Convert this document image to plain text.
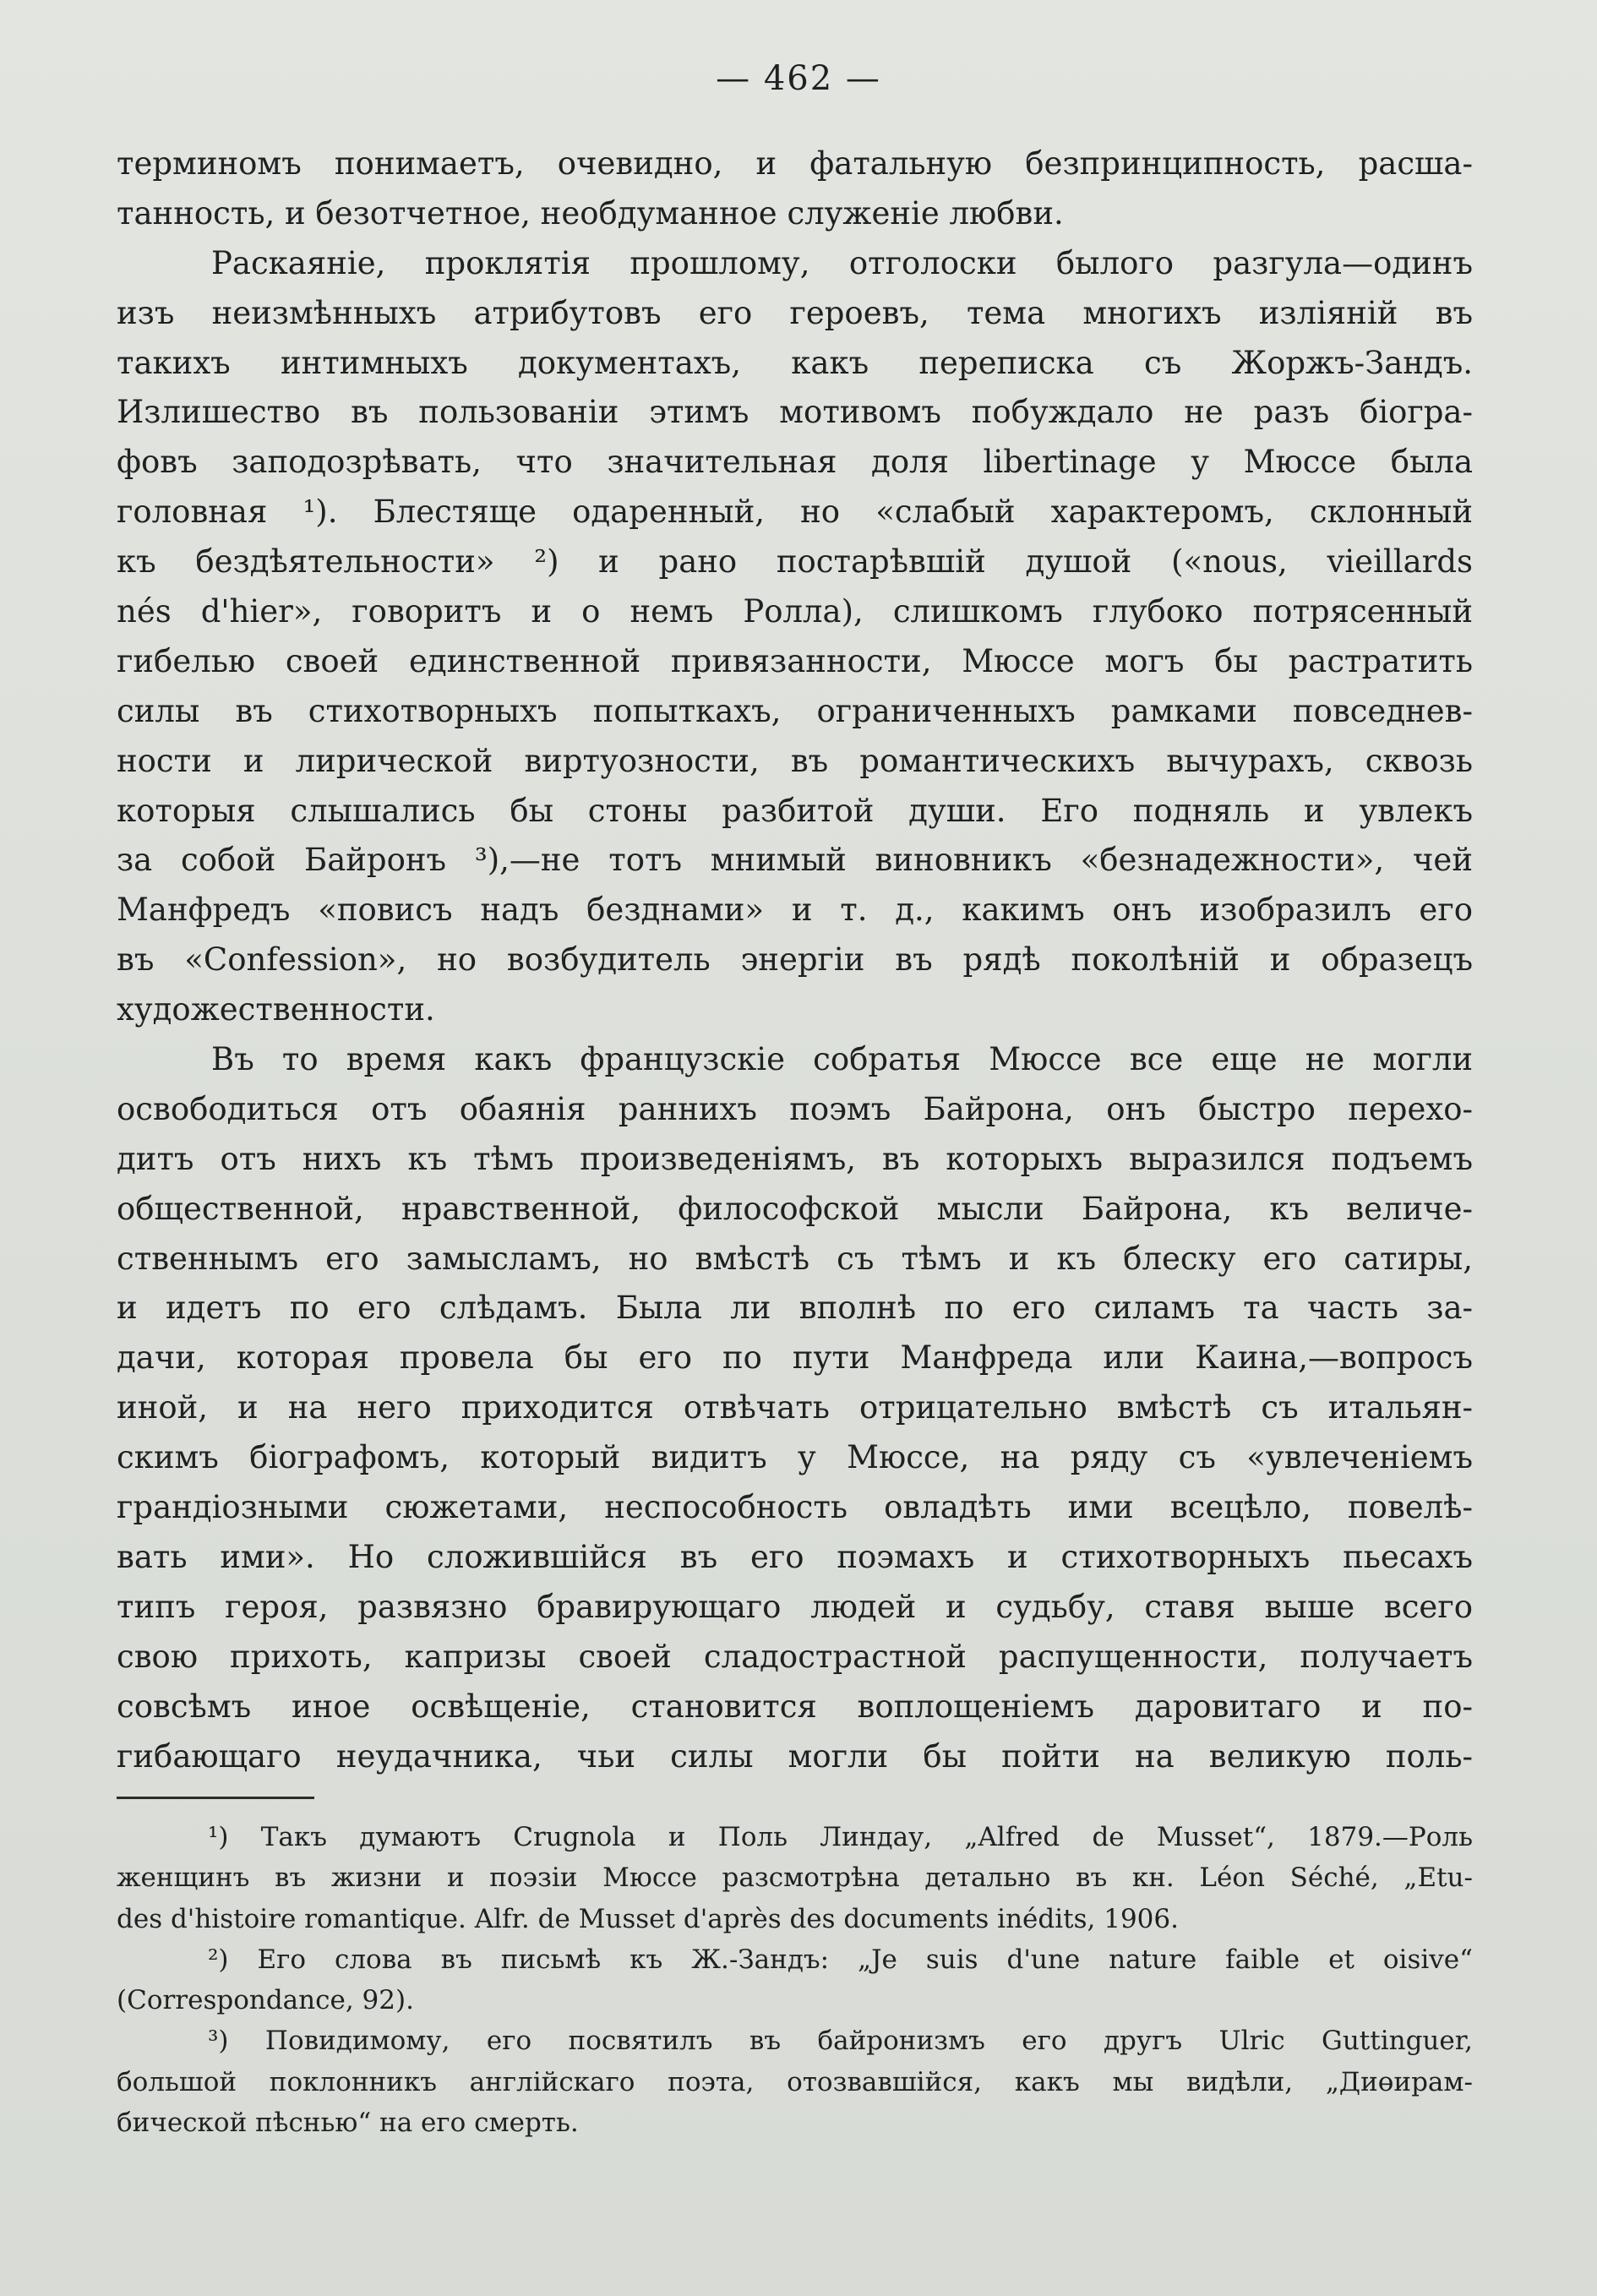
— 462 —
терминомъ понимаетъ, очевидно, и фатальную безпринципность, расша-
танность, и безотчетное, необдуманное служеніе любви.
Раскаяніе, проклятія прошлому, отголоски былого разгула—одинъ
изъ неизмѣнныхъ атрибутовъ его героевъ, тема многихъ изліяній въ
такихъ интимныхъ документахъ, какъ переписка съ Жоржъ-Зандъ.
Излишество въ пользованіи этимъ мотивомъ побуждало не разъ біогра-
фовъ заподозрѣвать, что значительная доля libertinage у Мюссе была
головная ¹). Блестяще одаренный, но «слабый характеромъ, склонный
къ бездѣятельности» ²) и рано постарѣвшій душой («nous, vieillards
nés d'hier», говоритъ и о немъ Ролла), слишкомъ глубоко потрясенный
гибелью своей единственной привязанности, Мюссе могъ бы растратить
силы въ стихотворныхъ попыткахъ, ограниченныхъ рамками повседнев-
ности и лирической виртуозности, въ романтическихъ вычурахъ, сквозь
которыя слышались бы стоны разбитой души. Его подняль и увлекъ
за собой Байронъ ³),—не тотъ мнимый виновникъ «безнадежности», чей
Манфредъ «повисъ надъ безднами» и т. д., какимъ онъ изобразилъ его
въ «Confession», но возбудитель энергіи въ рядѣ поколѣній и образецъ
художественности.
Въ то время какъ французскіе собратья Мюссе все еще не могли
освободиться отъ обаянія раннихъ поэмъ Байрона, онъ быстро перехо-
дитъ отъ нихъ къ тѣмъ произведеніямъ, въ которыхъ выразился подъемъ
общественной, нравственной, философской мысли Байрона, къ величе-
ственнымъ его замысламъ, но вмѣстѣ съ тѣмъ и къ блеску его сатиры,
и идетъ по его слѣдамъ. Была ли вполнѣ по его силамъ та часть за-
дачи, которая провела бы его по пути Манфреда или Каина,—вопросъ
иной, и на него приходится отвѣчать отрицательно вмѣстѣ съ итальян-
скимъ біографомъ, который видитъ у Мюссе, на ряду съ «увлеченіемъ
грандіозными сюжетами, неспособность овладѣть ими всецѣло, повелѣ-
вать ими». Но сложившійся въ его поэмахъ и стихотворныхъ пьесахъ
типъ героя, развязно бравирующаго людей и судьбу, ставя выше всего
свою прихоть, капризы своей сладострастной распущенности, получаетъ
совсѣмъ иное освѣщеніе, становится воплощеніемъ даровитаго и по-
гибающаго неудачника, чьи силы могли бы пойти на великую поль-
¹) Такъ думаютъ Crugnola и Поль Линдау, „Alfred de Musset“, 1879.—Роль
женщинъ въ жизни и поэзіи Мюссе разсмотрѣна детально въ кн. Léon Séché, „Etu-
des d'histoire romantique. Alfr. de Musset d'après des documents inédits, 1906.
²) Его слова въ письмѣ къ Ж.-Зандъ: „Je suis d'une nature faible et oisive“
(Correspondance, 92).
³) Повидимому, его посвятилъ въ байронизмъ его другъ Ulric Guttinguer,
большой поклонникъ англійскаго поэта, отозвавшійся, какъ мы видѣли, „Диөирам-
бической пѣснью“ на его смерть.
